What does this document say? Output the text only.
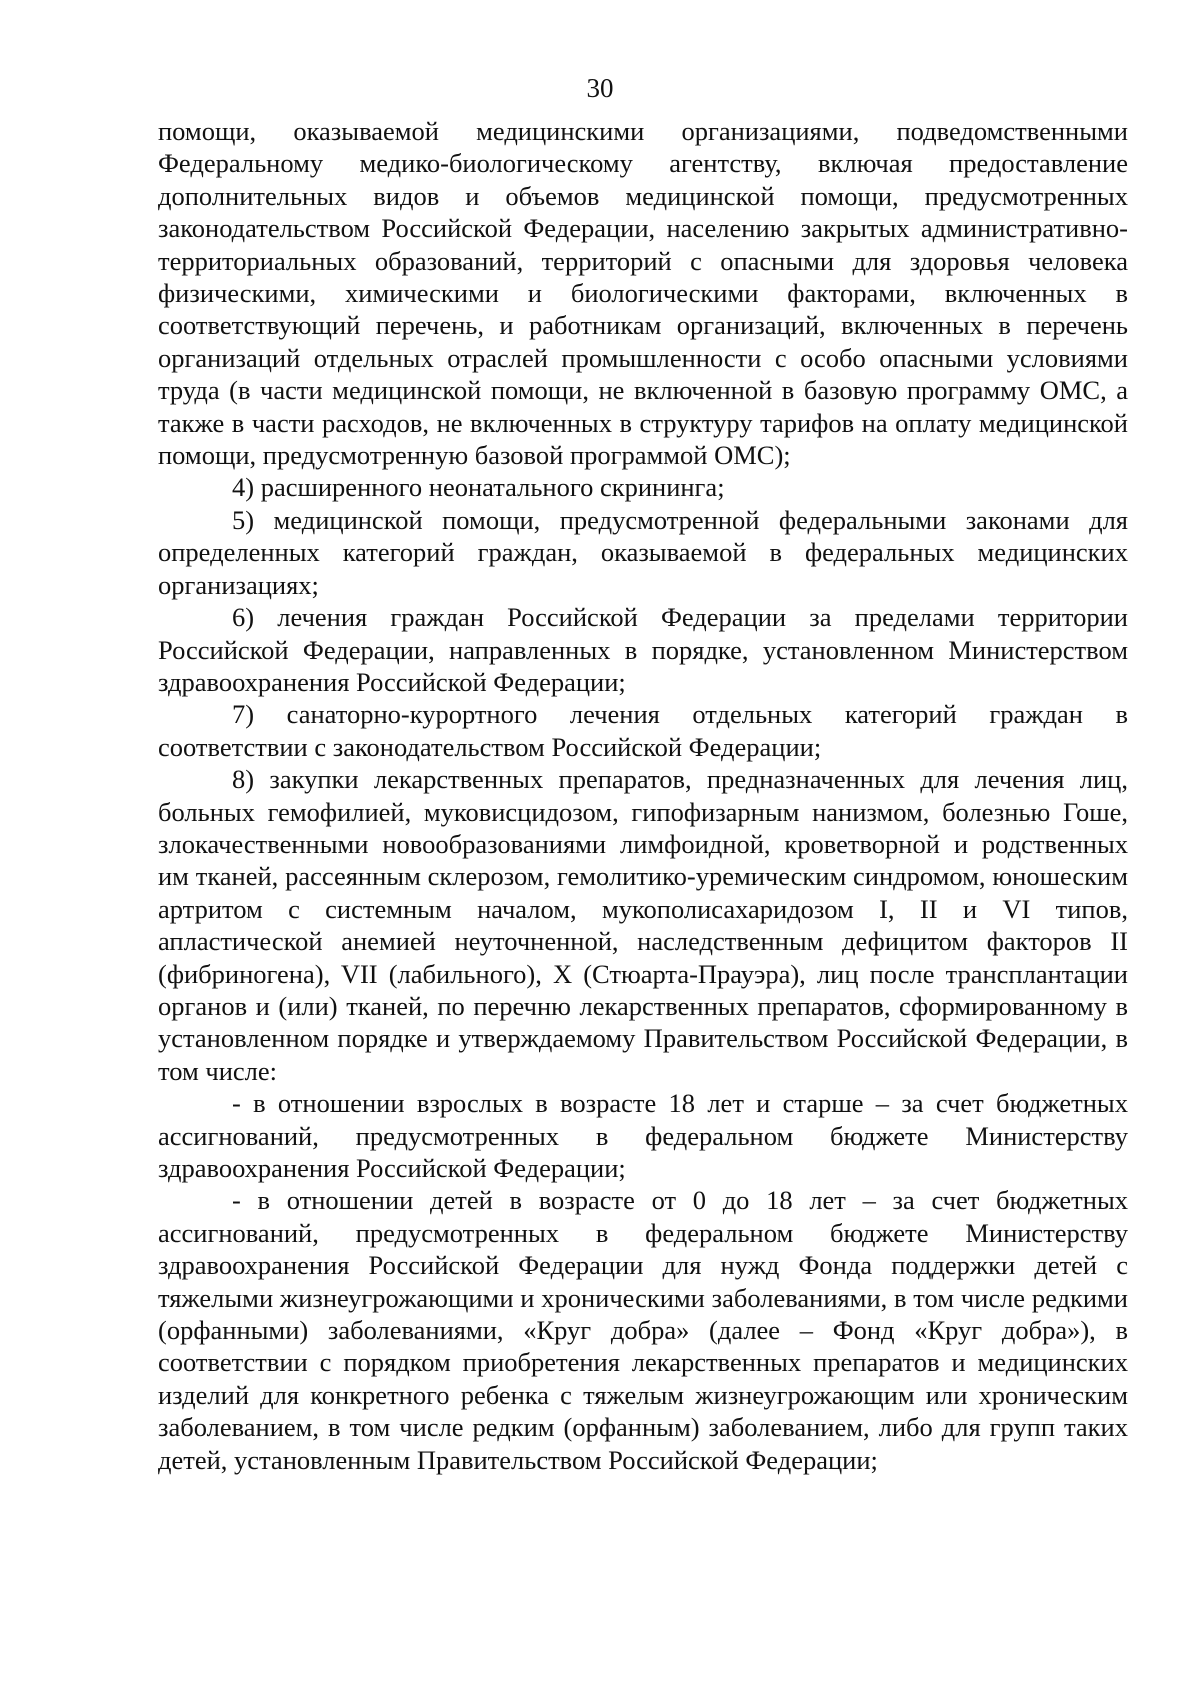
30

помощи, оказываемой медицинскими организациями, подведомственными Федеральному медико-биологическому агентству, включая предоставление дополнительных видов и объемов медицинской помощи, предусмотренных законодательством Российской Федерации, населению закрытых административно-территориальных образований, территорий с опасными для здоровья человека физическими, химическими и биологическими факторами, включенных в соответствующий перечень, и работникам организаций, включенных в перечень организаций отдельных отраслей промышленности с особо опасными условиями труда (в части медицинской помощи, не включенной в базовую программу ОМС, а также в части расходов, не включенных в структуру тарифов на оплату медицинской помощи, предусмотренную базовой программой ОМС);

4) расширенного неонатального скрининга;

5) медицинской помощи, предусмотренной федеральными законами для определенных категорий граждан, оказываемой в федеральных медицинских организациях;

6) лечения граждан Российской Федерации за пределами территории Российской Федерации, направленных в порядке, установленном Министерством здравоохранения Российской Федерации;

7) санаторно-курортного лечения отдельных категорий граждан в соответствии с законодательством Российской Федерации;

8) закупки лекарственных препаратов, предназначенных для лечения лиц, больных гемофилией, муковисцидозом, гипофизарным нанизмом, болезнью Гоше, злокачественными новообразованиями лимфоидной, кроветворной и родственных им тканей, рассеянным склерозом, гемолитико-уремическим синдромом, юношеским артритом с системным началом, мукополисахаридозом I, II и VI типов, апластической анемией неуточненной, наследственным дефицитом факторов II (фибриногена), VII (лабильного), X (Стюарта-Прауэра), лиц после трансплантации органов и (или) тканей, по перечню лекарственных препаратов, сформированному в установленном порядке и утверждаемому Правительством Российской Федерации, в том числе:

- в отношении взрослых в возрасте 18 лет и старше – за счет бюджетных ассигнований, предусмотренных в федеральном бюджете Министерству здравоохранения Российской Федерации;

- в отношении детей в возрасте от 0 до 18 лет – за счет бюджетных ассигнований, предусмотренных в федеральном бюджете Министерству здравоохранения Российской Федерации для нужд Фонда поддержки детей с тяжелыми жизнеугрожающими и хроническими заболеваниями, в том числе редкими (орфанными) заболеваниями, «Круг добра» (далее – Фонд «Круг добра»), в соответствии с порядком приобретения лекарственных препаратов и медицинских изделий для конкретного ребенка с тяжелым жизнеугрожающим или хроническим заболеванием, в том числе редким (орфанным) заболеванием, либо для групп таких детей, установленным Правительством Российской Федерации;
